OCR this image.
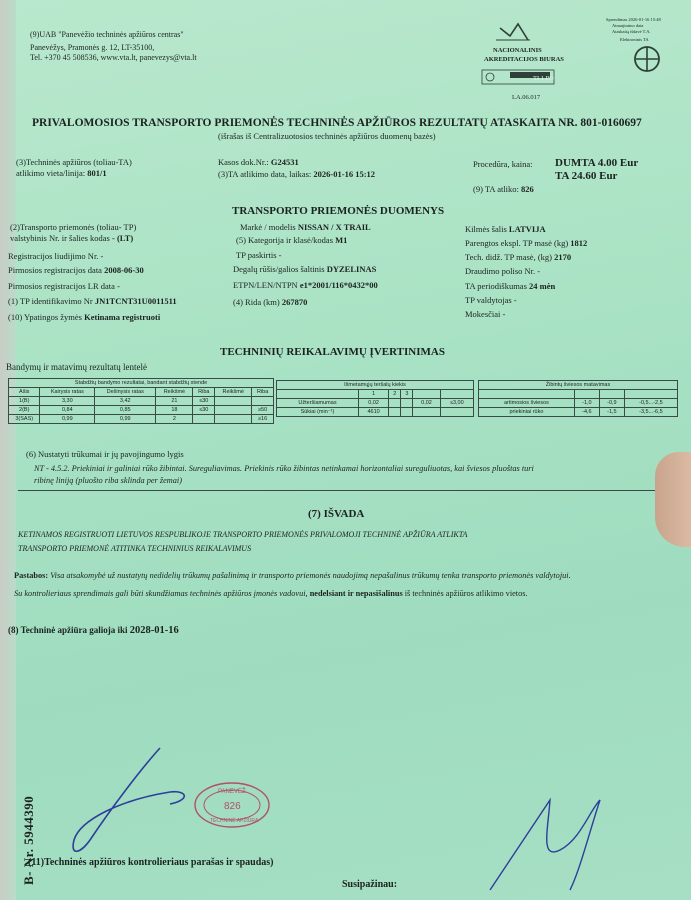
(9)UAB "Panevėžio techninės apžiūros centras"
Panevėžys, Pramonės g. 12, LT-35100,
Tel. +370 45 508536, www.vta.lt, panevezys@vta.lt
NACIONALINIS
AKREDITACIJOS BIURAS
TI 1 PO
LA.06.017
Sprendimas 2026-01-16 15:48
Atnaujinimo data
Ataskaitą išdavė T.A.
Elektroninis TA
PRIVALOMOSIOS TRANSPORTO PRIEMONĖS TECHNINĖS APŽIŪROS REZULTATŲ ATASKAITA NR. 801-0160697
(išrašas iš Centralizuotosios techninės apžiūros duomenų bazės)
(3)Techninės apžiūros (toliau-TA)
atlikimo vieta/linija: 801/1
Kasos dok.Nr.: G24531
(3)TA atlikimo data, laikas: 2026-01-16 15:12
Procedūra, kaina: DUMTA 4.00 Eur
TA 24.60 Eur
(9) TA atliko: 826
TRANSPORTO PRIEMONĖS DUOMENYS
(2)Transporto priemonės (toliau- TP)
valstybinis Nr. ir šalies kodas - (LT)
Registracijos liudijimo Nr. -
Pirmosios registracijos data 2008-06-30
Pirmosios registracijos LR data -
(1) TP identifikavimo Nr JN1TCNT31U0011511
(10) Ypatingos žymės Ketinama registruoti
Markė / modelis NISSAN / X TRAIL
(5) Kategorija ir klasė/kodas M1
TP paskirtis -
Degalų rūšis/galios šaltinis DYZELINAS
ETPN/LEN/NTPN e1*2001/116*0432*00
(4) Rida (km) 267870
Kilmės šalis LATVIJA
Parengtos ekspl. TP masė (kg) 1812
Tech. didž. TP masė, (kg) 2170
Draudimo poliso Nr. -
TA periodiškumas 24 mėn
TP valdytojas -
Mokesčiai -
TECHNINIŲ REIKALAVIMŲ ĮVERTINIMAS
Bandymų ir matavimų rezultatų lentelė
Stabdžių bandymo rezultatai, bandant stabdžių stende						
Ašis	Kairysis ratas	Dešinysis ratas	Reikšmė	Riba	Reikšmė	Riba
1(B)	3,30	3,42	21	≤30		
2(B)	0,84	0,85	18	≤30		≥50
3(SAS)	0,99	0,99	2			≥16
Išmetamųjų teršalų kiekis					
	1	2	3		
Užteršiamumas	0,02			0,02	≤3,00
Sūkiai (min⁻¹)	4610				
Žibintų šviesos matavimas			

artimosios šviesos	-1,0	-0,9	-0,5...-2,5
priekiniai rūko	-4,6	-1,5	-3,5...-6,5
(6) Nustatyti trūkumai ir jų pavojingumo lygis
NT - 4.5.2. Priekiniai ir galiniai rūko žibintai. Sureguliavimas. Priekinis rūko žibintas netinkamai horizontaliai sureguliuotas, kai šviesos pluoštas turi
ribinę liniją (pluošto riba sklinda per žemai)
(7) IŠVADA
KETINAMOS REGISTRUOTI LIETUVOS RESPUBLIKOJE TRANSPORTO PRIEMONĖS PRIVALOMOJI TECHNINĖ APŽIŪRA ATLIKTA
TRANSPORTO PRIEMONĖ ATITINKA TECHNINIUS REIKALAVIMUS
Pastabos: Visa atsakomybė už nustatytų nedidelių trūkumų pašalinimą ir transporto priemonės naudojimą nepašalinus trūkumų tenka transporto priemonės valdytojui.
Su kontrolieriaus sprendimais gali būti skundžiamas techninės apžiūros įmonės vadovui, nedelsiant ir nepasišalinus iš techninės apžiūros atlikimo vietos.
(8) Techninė apžiūra galioja iki 2028-01-16
B- Nr. 5944390
(11)Techninės apžiūros kontrolieriaus parašas ir spaudas)
Susipažinau:
PANEVĖŽ
826
TECHNINĖ APŽIŪRA
